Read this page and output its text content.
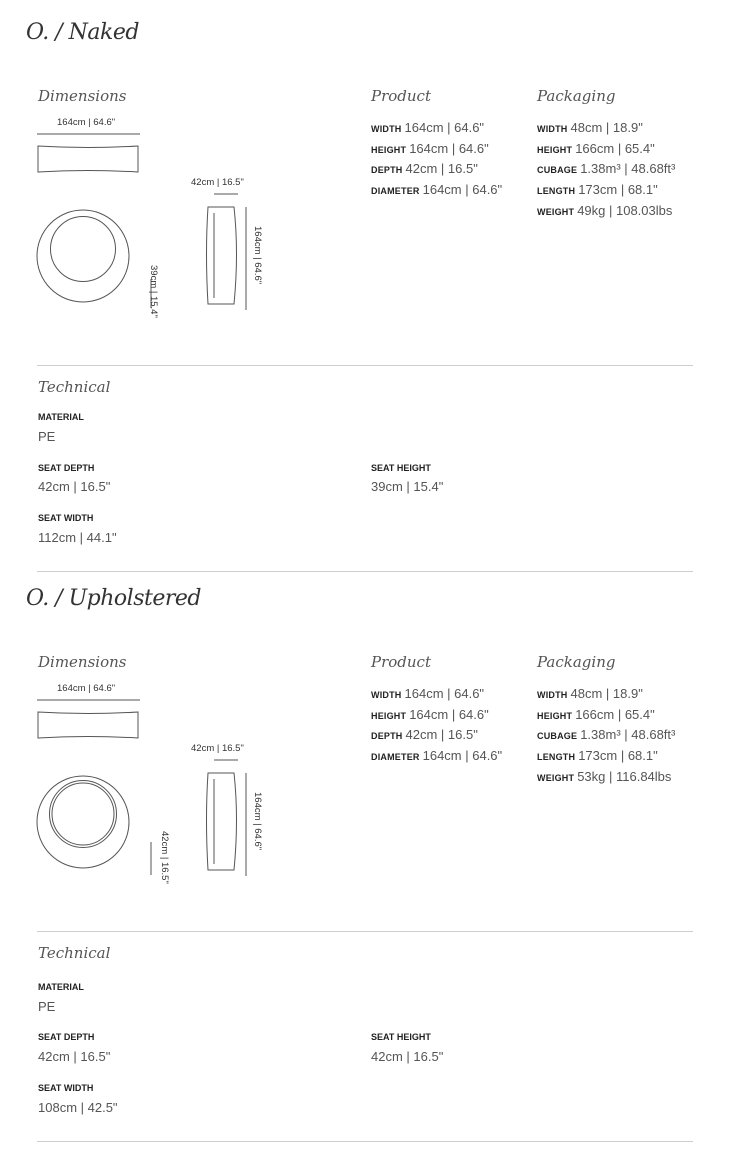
O. / Naked
Dimensions	Product	Packaging
164cm | 64.6"
39cm | 15.4"
42cm | 16.5"
164cm | 64.6"
WIDTH 164cm | 64.6"
HEIGHT 164cm | 64.6"
DEPTH 42cm | 16.5"
DIAMETER 164cm | 64.6"
WIDTH 48cm | 18.9"
HEIGHT 166cm | 65.4"
CUBAGE 1.38m³ | 48.68ft³
LENGTH 173cm | 68.1"
WEIGHT 49kg | 108.03lbs
Technical
MATERIAL
PE
SEAT DEPTH
42cm | 16.5"
SEAT HEIGHT
39cm | 15.4"
SEAT WIDTH
112cm | 44.1"
O. / Upholstered
Dimensions	Product	Packaging
164cm | 64.6"
42cm | 16.5"
42cm | 16.5"
164cm | 64.6"
WIDTH 164cm | 64.6"
HEIGHT 164cm | 64.6"
DEPTH 42cm | 16.5"
DIAMETER 164cm | 64.6"
WIDTH 48cm | 18.9"
HEIGHT 166cm | 65.4"
CUBAGE 1.38m³ | 48.68ft³
LENGTH 173cm | 68.1"
WEIGHT 53kg | 116.84lbs
Technical
MATERIAL
PE
SEAT DEPTH
42cm | 16.5"
SEAT HEIGHT
42cm | 16.5"
SEAT WIDTH
108cm | 42.5"
